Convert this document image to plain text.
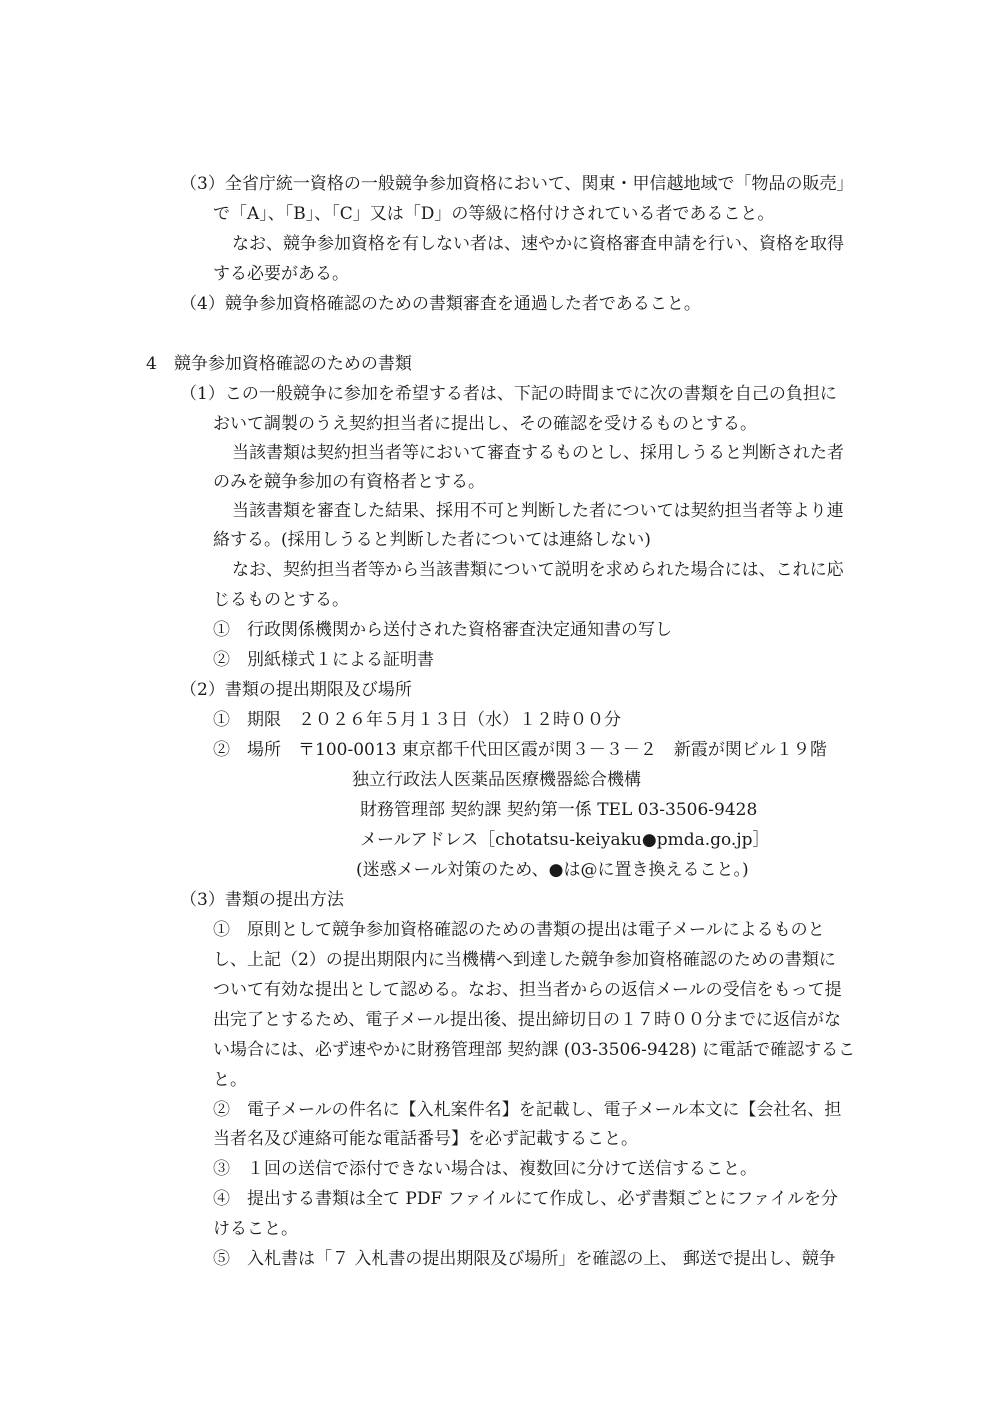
（3）全省庁統一資格の一般競争参加資格において、関東・甲信越地域で「物品の販売」
で「A」、「B」、「C」又は「D」の等級に格付けされている者であること。
なお、競争参加資格を有しない者は、速やかに資格審査申請を行い、資格を取得
する必要がある。
（4）競争参加資格確認のための書類審査を通過した者であること。
4　競争参加資格確認のための書類
（1）この一般競争に参加を希望する者は、下記の時間までに次の書類を自己の負担に
おいて調製のうえ契約担当者に提出し、その確認を受けるものとする。
当該書類は契約担当者等において審査するものとし、採用しうると判断された者
のみを競争参加の有資格者とする。
当該書類を審査した結果、採用不可と判断した者については契約担当者等より連
絡する。(採用しうると判断した者については連絡しない)
なお、契約担当者等から当該書類について説明を求められた場合には、これに応
じるものとする。
①　行政関係機関から送付された資格審査決定通知書の写し
②　別紙様式１による証明書
（2）書類の提出期限及び場所
①　期限　２０２６年５月１３日（水）１２時００分
②　場所　〒100-0013 東京都千代田区霞が関３－３－２　新霞が関ビル１９階
独立行政法人医薬品医療機器総合機構
財務管理部 契約課 契約第一係 TEL 03-3506-9428
メールアドレス［chotatsu-keiyaku●pmda.go.jp］
(迷惑メール対策のため、●は@に置き換えること。)
（3）書類の提出方法
①　原則として競争参加資格確認のための書類の提出は電子メールによるものと
し、上記（2）の提出期限内に当機構へ到達した競争参加資格確認のための書類に
ついて有効な提出として認める。なお、担当者からの返信メールの受信をもって提
出完了とするため、電子メール提出後、提出締切日の１７時００分までに返信がな
い場合には、必ず速やかに財務管理部 契約課 (03-3506-9428) に電話で確認するこ
と。
②　電子メールの件名に【入札案件名】を記載し、電子メール本文に【会社名、担
当者名及び連絡可能な電話番号】を必ず記載すること。
③　１回の送信で添付できない場合は、複数回に分けて送信すること。
④　提出する書類は全て PDF ファイルにて作成し、必ず書類ごとにファイルを分
けること。
⑤　入札書は「７ 入札書の提出期限及び場所」を確認の上、 郵送で提出し、競争
